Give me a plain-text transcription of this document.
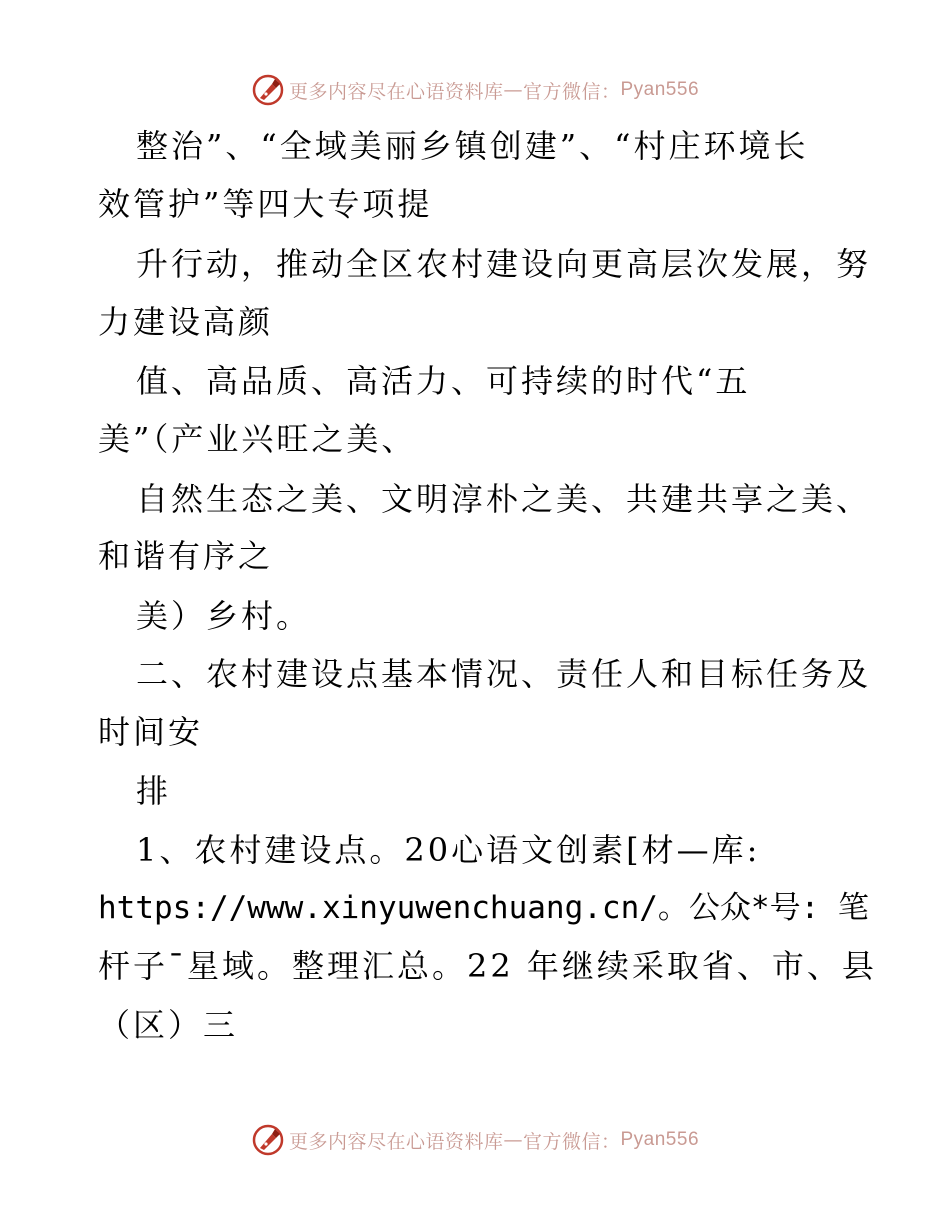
更多内容尽在心语资料库 — 官方微信： Pyan556
整治”、“全域美丽乡镇创建”、“村庄环境长
效管护”等四大专项提
升行动，推动全区农村建设向更高层次发展，努
力建设高颜
值、高品质、高活力、可持续的时代“五
美”（产业兴旺之美、
自然生态之美、文明淳朴之美、共建共享之美、
和谐有序之
美）乡村。
二、农村建设点基本情况、责任人和目标任务及
时间安
排
1、农村建设点。20心语文创素[材—库:
https://www.xinyuwenchuang.cn/。公众*号: 笔
杆子¯星域。整理汇总。22 年继续采取省、市、县
（区）三
更多内容尽在心语资料库 — 官方微信： Pyan556
